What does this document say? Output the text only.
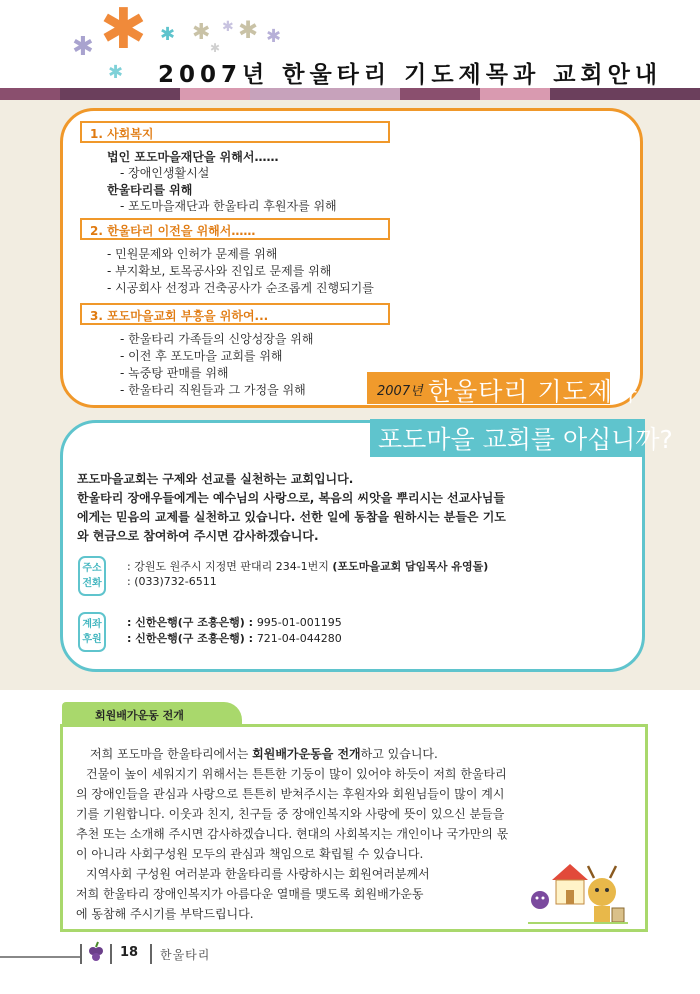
✱
✱	✱ ✱ ✱ ✱ ✱
✱
✱
2007년 한울타리 기도제목과 교회안내
1. 사회복지
법인 포도마을재단을 위해서……
- 장애인생활시설
한울타리를 위해
- 포도마을재단과 한울타리 후원자를 위해
2. 한울타리 이전을 위해서……
- 민원문제와 인허가 문제를 위해
- 부지확보, 토목공사와 진입로 문제를 위해
- 시공회사 선정과 건축공사가 순조롭게 진행되기를
3. 포도마을교회 부흥을 위하여...
- 한울타리 가족들의 신앙성장을 위해
- 이전 후 포도마을 교회를 위해
- 녹중탕 판매를 위해
- 한울타리 직원들과 그 가정을 위해	2007년 한울타리 기도제목
포도마을 교회를 아십니까?
포도마을교회는 구제와 선교를 실천하는 교회입니다.
한울타리 장애우들에게는 예수님의 사랑으로, 복음의 씨앗을 뿌리시는 선교사님들
에게는 믿음의 교제를 실천하고 있습니다. 선한 일에 동참을 원하시는 분들은 기도
와 현금으로 참여하여 주시면 감사하겠습니다.
주소
전화
: 강원도 원주시 지정면 판대리 234-1번지 (포도마을교회 담임목사 유영돌)
: (033)732-6511
계좌
후원
: 신한은행(구 조흥은행) : 995-01-001195
: 신한은행(구 조흥은행) : 721-04-044280
회원배가운동 전개
저희 포도마을 한울타리에서는 회원배가운동을 전개하고 있습니다.
건물이 높이 세워지기 위해서는 튼튼한 기둥이 많이 있어야 하듯이 저희 한울타리
의 장애인들을 관심과 사랑으로 튼튼히 받쳐주시는 후원자와 회원님들이 많이 계시
기를 기원합니다. 이웃과 친지, 친구들 중 장애인복지와 사랑에 뜻이 있으신 분들을
추천 또는 소개해 주시면 감사하겠습니다. 현대의 사회복지는 개인이나 국가만의 몫
이 아니라 사회구성원 모두의 관심과 책임으로 확립될 수 있습니다.
지역사회 구성원 여러분과 한울타리를 사랑하시는 회원여러분께서
저희 한울타리 장애인복지가 아름다운 열매를 맺도록 회원배가운동
에 동참해 주시기를 부탁드립니다.
18 한울타리
